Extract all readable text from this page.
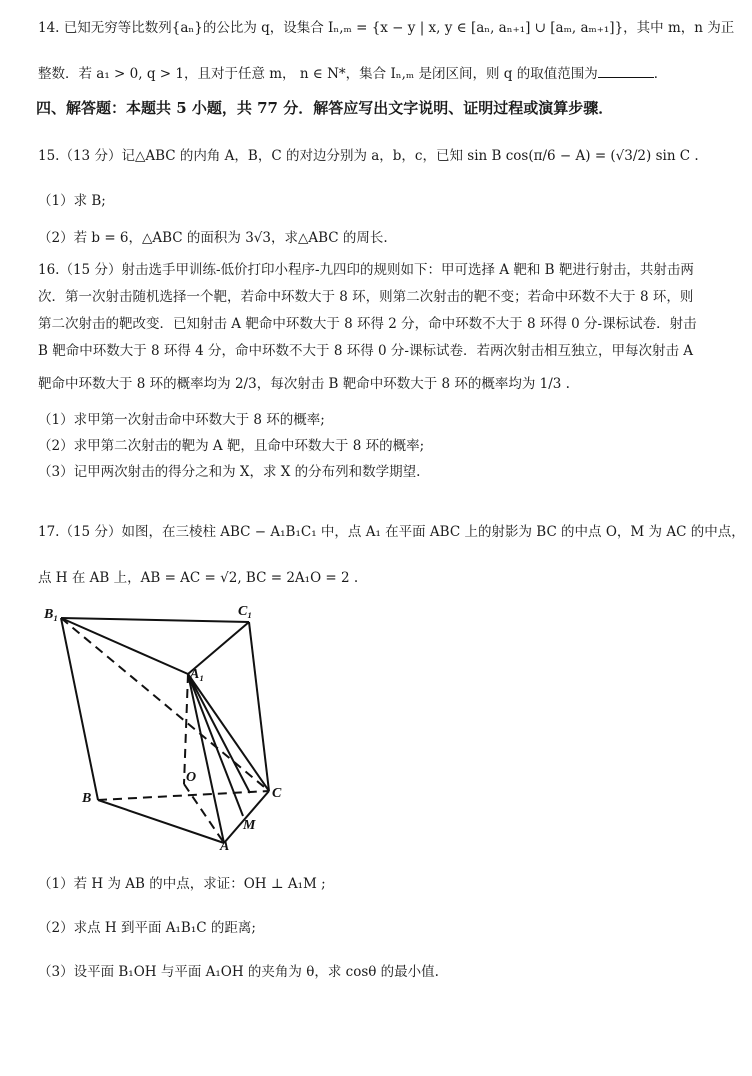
14. 已知无穷等比数列{aₙ}的公比为 q，设集合 Iₙ,ₘ = {x − y | x, y ∈ [aₙ, aₙ₊₁] ∪ [aₘ, aₘ₊₁]}，其中 m，n 为正
整数．若 a₁ > 0, q > 1，且对于任意 m， n ∈ N*，集合 Iₙ,ₘ 是闭区间，则 q 的取值范围为	．
四、解答题：本题共 5 小题，共 77 分．解答应写出文字说明、证明过程或演算步骤．
15.（13 分）记△ABC 的内角 A，B，C 的对边分别为 a，b，c，已知 sin B cos(π/6 − A) = (√3/2) sin C .
（1）求 B;
（2）若 b = 6，△ABC 的面积为 3√3，求△ABC 的周长.
16.（15 分）射击选手甲训练-低价打印小程序-九四印的规则如下：甲可选择 A 靶和 B 靶进行射击，共射击两
次．第一次射击随机选择一个靶，若命中环数大于 8 环，则第二次射击的靶不变；若命中环数不大于 8 环，则
第二次射击的靶改变．已知射击 A 靶命中环数大于 8 环得 2 分，命中环数不大于 8 环得 0 分-课标试卷．射击
B 靶命中环数大于 8 环得 4 分，命中环数不大于 8 环得 0 分-课标试卷．若两次射击相互独立，甲每次射击 A
靶命中环数大于 8 环的概率均为 2/3，每次射击 B 靶命中环数大于 8 环的概率均为 1/3 .
（1）求甲第一次射击命中环数大于 8 环的概率;
（2）求甲第二次射击的靶为 A 靶，且命中环数大于 8 环的概率;
（3）记甲两次射击的得分之和为 X，求 X 的分布列和数学期望.
17.（15 分）如图，在三棱柱 ABC − A₁B₁C₁ 中，点 A₁ 在平面 ABC 上的射影为 BC 的中点 O，M 为 AC 的中点，
点 H 在 AB 上，AB = AC = √2, BC = 2A₁O = 2 .
B₁	C₁
A₁
O
B	C
M
A
（1）若 H 为 AB 的中点，求证：OH ⊥ A₁M ;
（2）求点 H 到平面 A₁B₁C 的距离;
（3）设平面 B₁OH 与平面 A₁OH 的夹角为 θ，求 cosθ 的最小值.
